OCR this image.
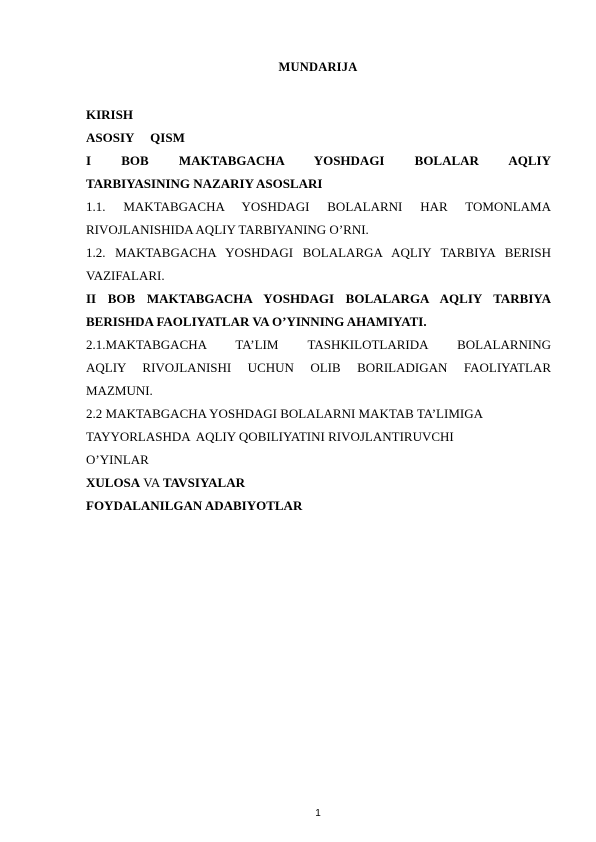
MUNDARIJA
KIRISH
ASOSIY     QISM
I BOB MAKTABGACHA YOSHDAGI BOLALAR AQLIY
TARBIYASINING NAZARIY ASOSLARI
1.1. MAKTABGACHA YOSHDAGI BOLALARNI HAR TOMONLAMA
RIVOJLANISHIDA AQLIY TARBIYANING O’RNI.
1.2. MAKTABGACHA YOSHDAGI BOLALARGA AQLIY TARBIYA BERISH
VAZIFALARI.
II BOB MAKTABGACHA YOSHDAGI BOLALARGA AQLIY TARBIYA
BERISHDA FAOLIYATLAR VA O’YINNING AHAMIYATI.
2.1.MAKTABGACHA TA’LIM TASHKILOTLARIDA BOLALARNING
AQLIY RIVOJLANISHI UCHUN OLIB BORILADIGAN FAOLIYATLAR
MAZMUNI.
2.2 MAKTABGACHA YOSHDAGI BOLALARNI MAKTAB TA’LIMIGA
TAYYORLASHDA  AQLIY QOBILIYATINI RIVOJLANTIRUVCHI
O’YINLAR
XULOSA VA TAVSIYALAR
FOYDALANILGAN ADABIYOTLAR
1
